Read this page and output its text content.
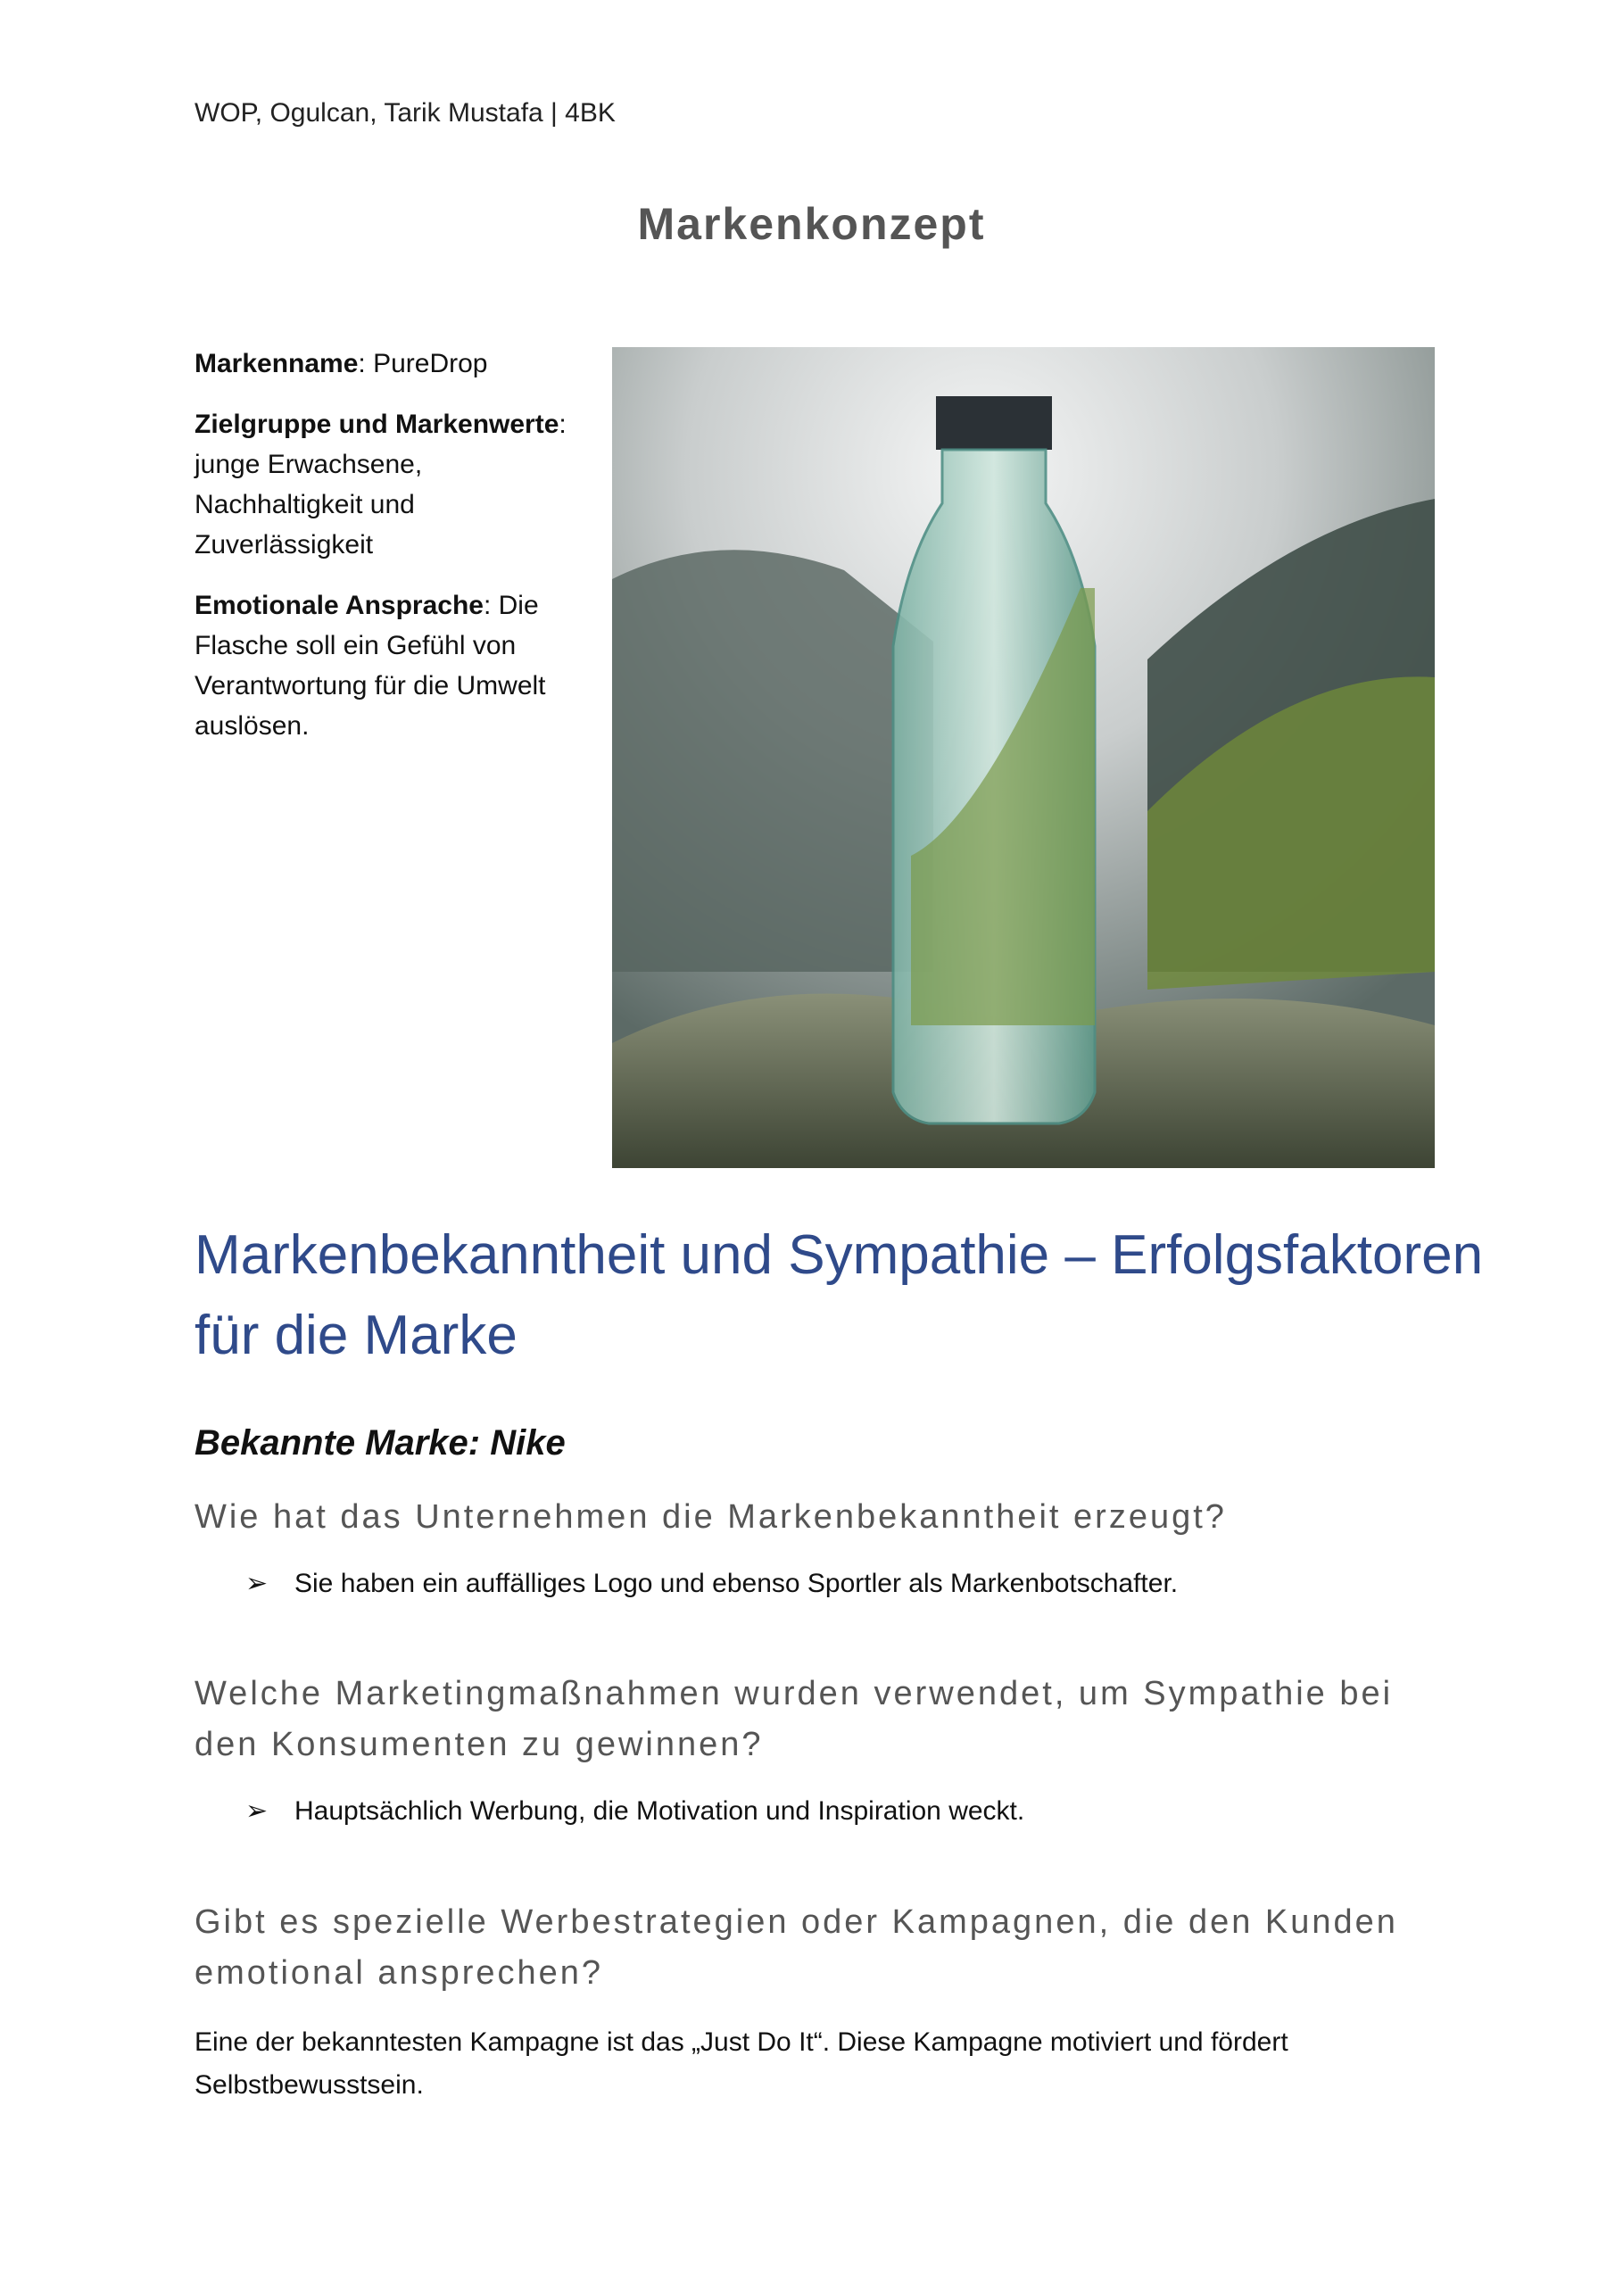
WOP, Ogulcan, Tarik Mustafa | 4BK
Markenkonzept

Markenname: PureDrop

Zielgruppe und Markenwerte:
junge Erwachsene, Nachhaltigkeit und Zuverlässigkeit

Emotionale Ansprache: Die Flasche soll ein Gefühl von Verantwortung für die Umwelt auslösen.

Markenbekanntheit und Sympathie – Erfolgsfaktoren für die Marke
Bekannte Marke: Nike
Wie hat das Unternehmen die Markenbekanntheit erzeugt?
➢ Sie haben ein auffälliges Logo und ebenso Sportler als Markenbotschafter.
Welche Marketingmaßnahmen wurden verwendet, um Sympathie bei den Konsumenten zu gewinnen?
➢ Hauptsächlich Werbung, die Motivation und Inspiration weckt.
Gibt es spezielle Werbestrategien oder Kampagnen, die den Kunden emotional ansprechen?
Eine der bekanntesten Kampagne ist das „Just Do It“. Diese Kampagne motiviert und fördert Selbstbewusstsein.
